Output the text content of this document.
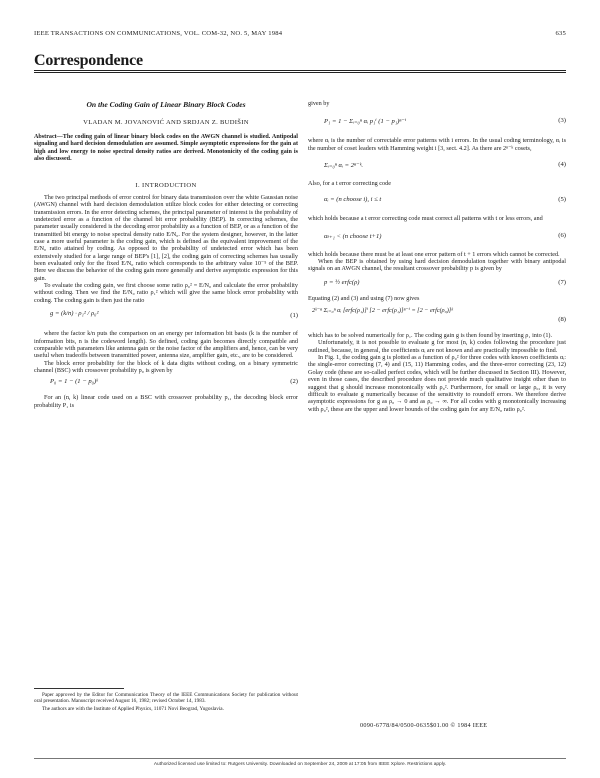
IEEE TRANSACTIONS ON COMMUNICATIONS, VOL. COM-32, NO. 5, MAY 1984	635
Correspondence
On the Coding Gain of Linear Binary Block Codes
VLADAN M. JOVANOVIĆ AND SRDJAN Z. BUDIŠIN
Abstract—The coding gain of linear binary block codes on the AWGN channel is studied. Antipodal signaling and hard decision demodulation are assumed. Simple asymptotic expressions for the gain at high and low energy to noise spectral density ratios are derived. Monotonicity of the coding gain is also discussed.
I. INTRODUCTION

The two principal methods of error control for binary data transmission over the white Gaussian noise (AWGN) channel with hard decision demodulation utilize block codes for either detecting or correcting transmission errors. In the error detecting schemes, the principal parameter of interest is the probability of undetected error as a function of the channel bit error probability (BEP). In correcting schemes, the parameter usually considered is the decoding error probability as a function of BEP, or as a function of the transmitted bit energy to noise spectral density ratio E/N₀. For the system designer, however, in the latter case a more useful parameter is the coding gain, which is defined as the equivalent improvement of the E/N₀ ratio attained by coding. As opposed to the probability of undetected error which has been extensively studied for a large range of BEP's [1], [2], the coding gain of correcting schemes has usually been evaluated only for the fixed E/N₀ ratio which corresponds to the arbitrary value 10⁻⁵ of the BEP. Here we discuss the behavior of the coding gain more generally and derive asymptotic expression for this gain.

To evaluate the coding gain, we first choose some ratio ρ₀² = E/N₀ and calculate the error probability without coding. Then we find the E/N₀ ratio ρ₁² which will give the same block error probability with coding. The coding gain is then just the ratio

g = (k/n) · ρ₁² / ρ₀²	(1)

where the factor k/n puts the comparison on an energy per information bit basis (k is the number of information bits, n is the codeword length). So defined, coding gain becomes directly compatible and comparable with parameters like antenna gain or the noise factor of the amplifiers and, hence, can be very useful when tradeoffs between transmitted power, antenna size, amplifier gain, etc., are to be considered.

The block error probability for the block of k data digits without coding, on a binary symmetric channel (BSC) with crossover probability p₀ is given by

P₀ = 1 − (1 − p₀)ᵏ	(2)

For an (n, k) linear code used on a BSC with crossover probability p₁, the decoding block error probability P₁ is

Paper approved by the Editor for Communication Theory of the IEEE Communications Society for publication without oral presentation. Manuscript received August 16, 1982; revised October 14, 1983.
The authors are with the Institute of Applied Physics, 11071 Novi Beograd, Yugoslavia.

given by

P₁ = 1 − Σᵢ₌₀ⁿ αᵢ p₁ⁱ (1 − p₁)ⁿ⁻ⁱ	(3)

where αᵢ is the number of correctable error patterns with i errors. In the usual coding terminology, αᵢ is the number of coset leaders with Hamming weight i [3, sect. 4.2]. As there are 2ⁿ⁻ᵏ cosets,

Σᵢ₌₀ⁿ αᵢ = 2ⁿ⁻ᵏ.	(4)

Also, for a t error correcting code

αᵢ = (n choose i), i ≤ t	(5)

which holds because a t error correcting code must correct all patterns with t or less errors, and

αₜ₊₁ < (n choose t+1)	(6)

which holds because there must be at least one error pattern of t + 1 errors which cannot be corrected.

When the BEP is obtained by using hard decision demodulation together with binary antipodal signals on an AWGN channel, the resultant crossover probability p is given by

p = ½ erfc(ρ)	(7)

Equating (2) and (3) and using (7) now gives

2ᵏ⁻ⁿ Σᵢ₌₀ⁿ αᵢ [erfc(ρ₁)]ⁱ [2 − erfc(ρ₁)]ⁿ⁻ⁱ = [2 − erfc(ρ₀)]ᵏ
(8)

which has to be solved numerically for ρ₁. The coding gain g is then found by inserting ρ₁ into (1).

Unfortunately, it is not possible to evaluate g for most (n, k) codes following the procedure just outlined, because, in general, the coefficients αᵢ are not known and are practically impossible to find.

In Fig. 1, the coding gain g is plotted as a function of ρ₀² for three codes with known coefficients αᵢ: the single-error correcting (7, 4) and (15, 11) Hamming codes, and the three-error correcting (23, 12) Golay code (these are so-called perfect codes, which will be further discussed in Section III). However, even in those cases, the described procedure does not provide much qualitative insight other than to suggest that g should increase monotonically with ρ₀². Furthermore, for small or large ρ₀, it is very difficult to evaluate g numerically because of the sensitivity to roundoff errors. We therefore derive asymptotic expressions for g as ρ₀ → 0 and as ρ₀ → ∞. For all codes with g monotonically increasing with ρ₀², these are the upper and lower bounds of the coding gain for any E/N₀ ratio ρ₀².

0090-6778/84/0500-0635$01.00 © 1984 IEEE
Authorized licensed use limited to: Rutgers University. Downloaded on September 24, 2009 at 17:05 from IEEE Xplore. Restrictions apply.
